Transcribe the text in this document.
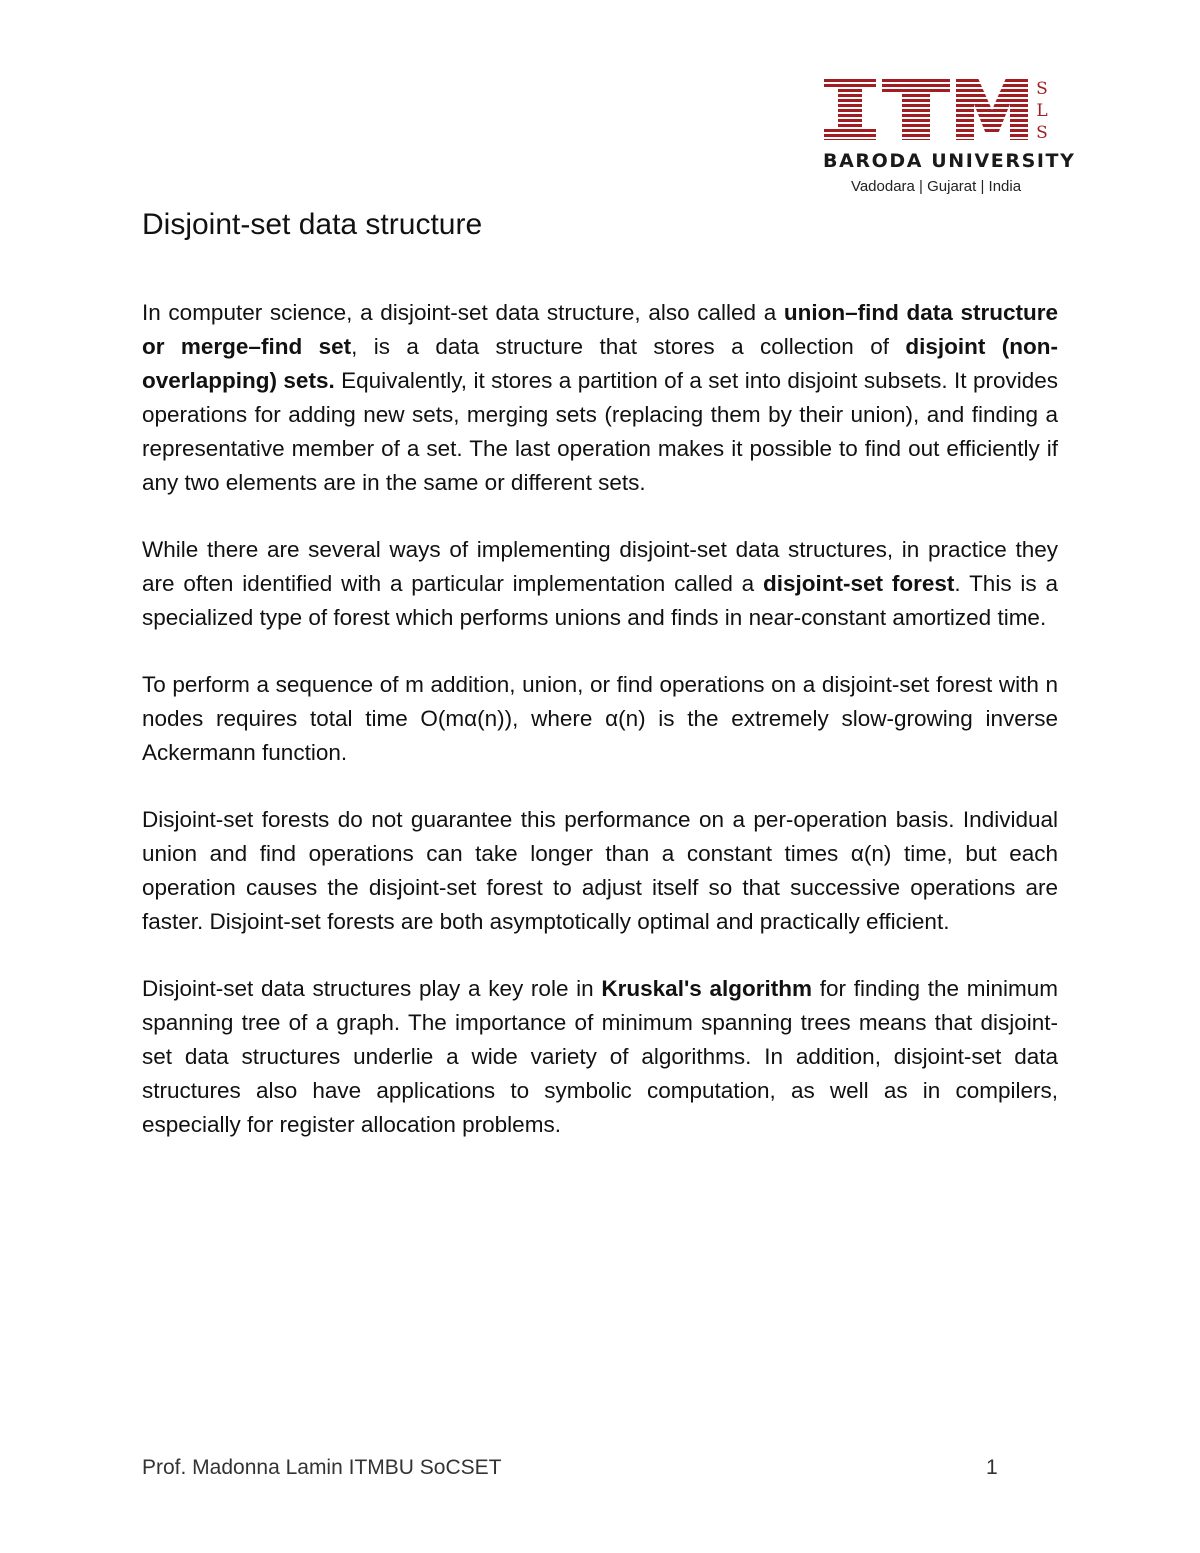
S
L
S
BARODA UNIVERSITY
Vadodara | Gujarat | India
Disjoint-set data structure

In computer science, a disjoint-set data structure, also called a union–find data structure or merge–find set, is a data structure that stores a collection of disjoint (non-overlapping) sets. Equivalently, it stores a partition of a set into disjoint subsets. It provides operations for adding new sets, merging sets (replacing them by their union), and finding a representative member of a set. The last operation makes it possible to find out efficiently if any two elements are in the same or different sets.

While there are several ways of implementing disjoint-set data structures, in practice they are often identified with a particular implementation called a disjoint-set forest. This is a specialized type of forest which performs unions and finds in near-constant amortized time.

To perform a sequence of m addition, union, or find operations on a disjoint-set forest with n nodes requires total time O(mα(n)), where α(n) is the extremely slow-growing inverse Ackermann function.

Disjoint-set forests do not guarantee this performance on a per-operation basis. Individual union and find operations can take longer than a constant times α(n) time, but each operation causes the disjoint-set forest to adjust itself so that successive operations are faster. Disjoint-set forests are both asymptotically optimal and practically efficient.

Disjoint-set data structures play a key role in Kruskal's algorithm for finding the minimum spanning tree of a graph. The importance of minimum spanning trees means that disjoint-set data structures underlie a wide variety of algorithms. In addition, disjoint-set data structures also have applications to symbolic computation, as well as in compilers, especially for register allocation problems.

Prof. Madonna Lamin ITMBU SoCSET	1
